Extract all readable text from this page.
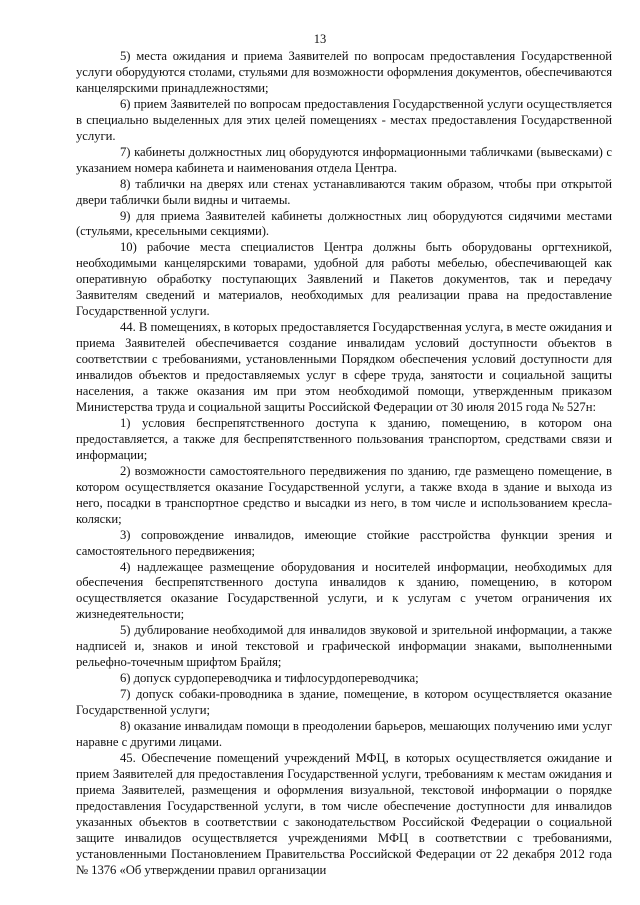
13

5) места ожидания и приема Заявителей по вопросам предоставления Государственной услуги оборудуются столами, стульями для возможности оформления документов, обеспечиваются канцелярскими принадлежностями;

6) прием Заявителей по вопросам предоставления Государственной услуги осуществляется в специально выделенных для этих целей помещениях - местах предоставления Государственной услуги.

7) кабинеты должностных лиц оборудуются информационными табличками (вывесками) с указанием номера кабинета и наименования отдела Центра.

8) таблички на дверях или стенах устанавливаются таким образом, чтобы при открытой двери таблички были видны и читаемы.

9) для приема Заявителей кабинеты должностных лиц оборудуются сидячими местами (стульями, кресельными секциями).

10) рабочие места специалистов Центра должны быть оборудованы оргтехникой, необходимыми канцелярскими товарами, удобной для работы мебелью, обеспечивающей как оперативную обработку поступающих Заявлений и Пакетов документов, так и передачу Заявителям сведений и материалов, необходимых для реализации права на предоставление Государственной услуги.

44. В помещениях, в которых предоставляется Государственная услуга, в месте ожидания и приема Заявителей обеспечивается создание инвалидам условий доступности объектов в соответствии с требованиями, установленными Порядком обеспечения условий доступности для инвалидов объектов и предоставляемых услуг в сфере труда, занятости и социальной защиты населения, а также оказания им при этом необходимой помощи, утвержденным приказом Министерства труда и социальной защиты Российской Федерации от 30 июля 2015 года № 527н:

1) условия беспрепятственного доступа к зданию, помещению, в котором она предоставляется, а также для беспрепятственного пользования транспортом, средствами связи и информации;

2) возможности самостоятельного передвижения по зданию, где размещено помещение, в котором осуществляется оказание Государственной услуги, а также входа в здание и выхода из него, посадки в транспортное средство и высадки из него, в том числе и использованием кресла-коляски;

3) сопровождение инвалидов, имеющие стойкие расстройства функции зрения и самостоятельного передвижения;

4) надлежащее размещение оборудования и носителей информации, необходимых для обеспечения беспрепятственного доступа инвалидов к зданию, помещению, в котором осуществляется оказание Государственной услуги, и к услугам с учетом ограничения их жизнедеятельности;

5) дублирование необходимой для инвалидов звуковой и зрительной информации, а также надписей и, знаков и иной текстовой и графической информации знаками, выполненными рельефно-точечным шрифтом Брайля;

6) допуск сурдопереводчика и тифлосурдопереводчика;

7) допуск собаки-проводника в здание, помещение, в котором осуществляется оказание Государственной услуги;

8) оказание инвалидам помощи в преодолении барьеров, мешающих получению ими услуг наравне с другими лицами.

45. Обеспечение помещений учреждений МФЦ, в которых осуществляется ожидание и прием Заявителей для предоставления Государственной услуги, требованиям к местам ожидания и приема Заявителей, размещения и оформления визуальной, текстовой информации о порядке предоставления Государственной услуги, в том числе обеспечение доступности для инвалидов указанных объектов в соответствии с законодательством Российской Федерации о социальной защите инвалидов осуществляется учреждениями МФЦ в соответствии с требованиями, установленными Постановлением Правительства Российской Федерации от 22 декабря 2012 года № 1376 «Об утверждении правил организации
